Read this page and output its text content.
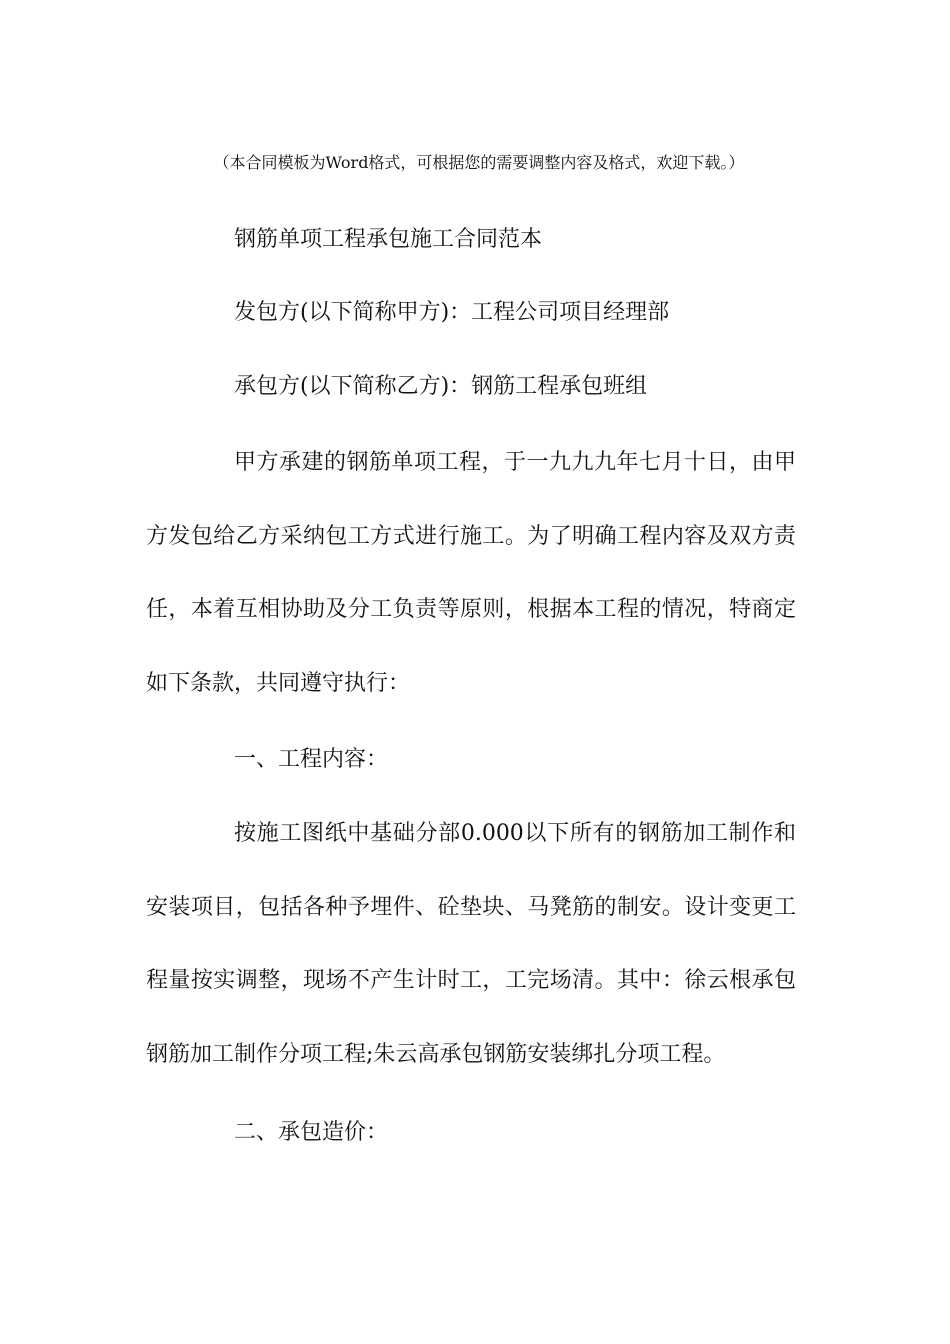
（本合同模板为Word格式，可根据您的需要调整内容及格式，欢迎下载。）

钢筋单项工程承包施工合同范本

发包方(以下简称甲方)：工程公司项目经理部

承包方(以下简称乙方)：钢筋工程承包班组

甲方承建的钢筋单项工程，于一九九九年七月十日，由甲方发包给乙方采纳包工方式进行施工。为了明确工程内容及双方责任，本着互相协助及分工负责等原则，根据本工程的情况，特商定如下条款，共同遵守执行：

一、工程内容：

按施工图纸中基础分部0.000以下所有的钢筋加工制作和安装项目，包括各种予埋件、砼垫块、马凳筋的制安。设计变更工程量按实调整，现场不产生计时工，工完场清。其中：徐云根承包钢筋加工制作分项工程;朱云高承包钢筋安装绑扎分项工程。

二、承包造价：
